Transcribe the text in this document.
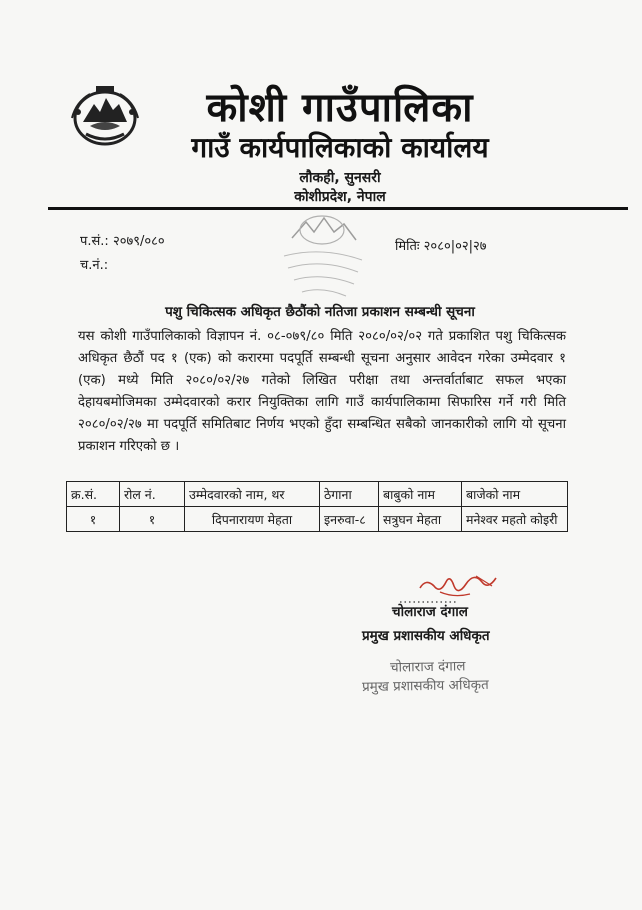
कोशी गाउँपालिका
गाउँ कार्यपालिकाको कार्यालय
लौकही, सुनसरी
कोशीप्रदेश, नेपाल
प.सं.: २०७९/०८०
च.नं.:
मितिः २०८०|०२|२७
पशु चिकित्सक अधिकृत छैठौंको नतिजा प्रकाशन सम्बन्धी सूचना
यस कोशी गाउँपालिकाको विज्ञापन नं. ०८-०७९/८० मिति २०८०/०२/०२ गते प्रकाशित पशु चिकित्सक अधिकृत छैठौं पद १ (एक) को करारमा पदपूर्ति सम्बन्धी सूचना अनुसार आवेदन गरेका उम्मेदवार १ (एक) मध्ये मिति २०८०/०२/२७ गतेको लिखित परीक्षा तथा अन्तर्वार्ताबाट सफल भएका देहायबमोजिमका उम्मेदवारको करार नियुक्तिका लागि गाउँ कार्यपालिकामा सिफारिस गर्ने गरी मिति २०८०/०२/२७ मा पदपूर्ति समितिबाट निर्णय भएको हुँदा सम्बन्धित सबैको जानकारीको लागि यो सूचना प्रकाशन गरिएको छ ।
क्र.सं.	रोल नं.	उम्मेदवारको नाम, थर	ठेगाना	बाबुको नाम	बाजेको नाम
१	१	दिपनारायण मेहता	इनरुवा-८	सत्रुघन मेहता	मनेश्वर महतो कोइरी
चोलाराज दंगाल
प्रमुख प्रशासकीय अधिकृत
चोलाराज दंगाल
प्रमुख प्रशासकीय अधिकृत
